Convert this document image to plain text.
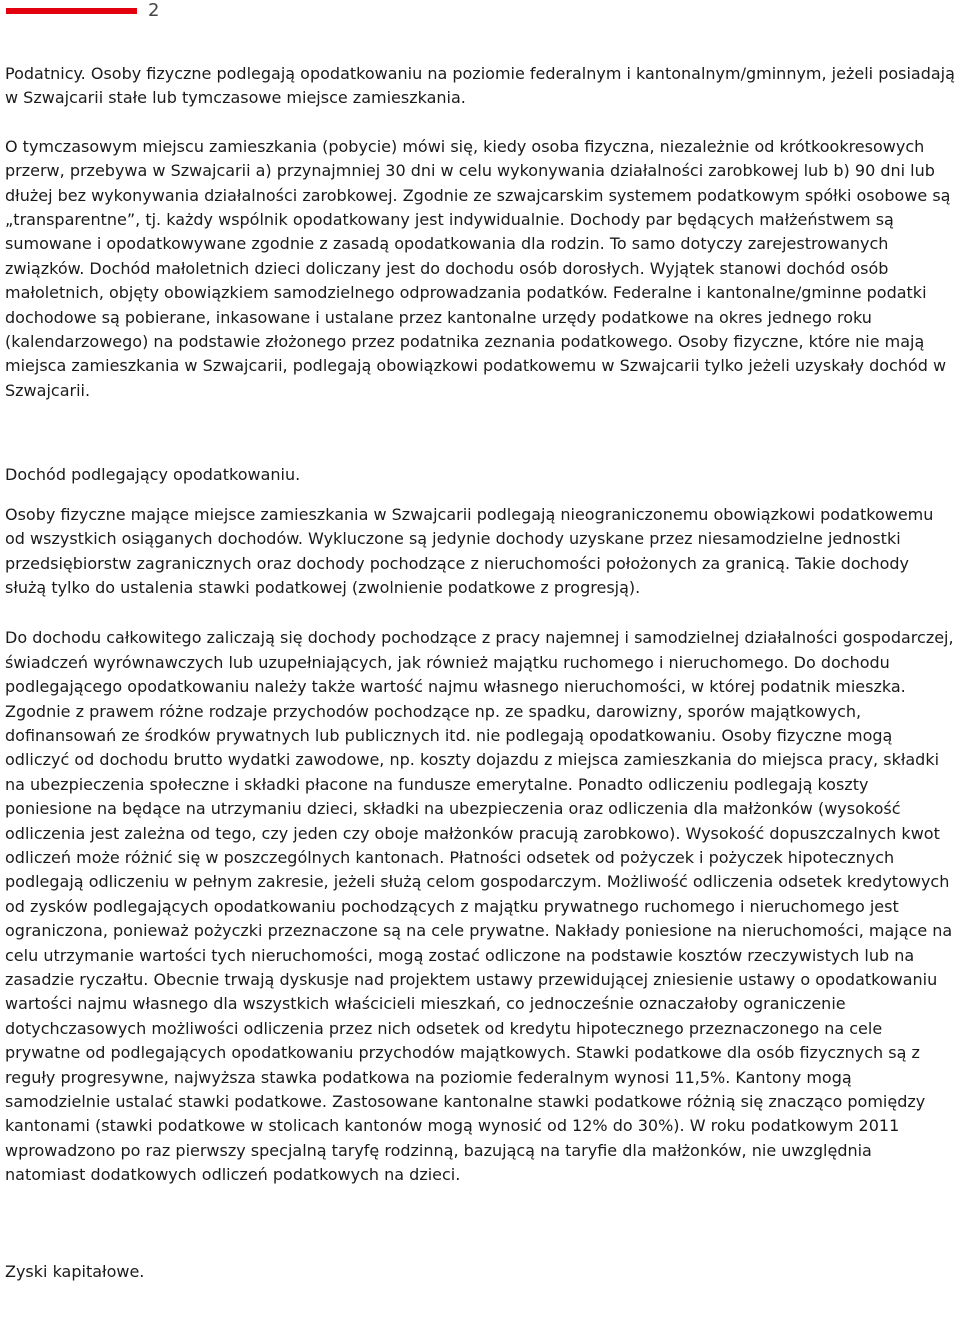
2

Podatnicy. Osoby fizyczne podlegają opodatkowaniu na poziomie federalnym i kantonalnym/gminnym, jeżeli posiadają w Szwajcarii stałe lub tymczasowe miejsce zamieszkania.

O tymczasowym miejscu zamieszkania (pobycie) mówi się, kiedy osoba fizyczna, niezależnie od krótkookresowych przerw, przebywa w Szwajcarii a) przynajmniej 30 dni w celu wykonywania działalności zarobkowej lub b) 90 dni lub dłużej bez wykonywania działalności zarobkowej. Zgodnie ze szwajcarskim systemem podatkowym spółki osobowe są „transparentne”, tj. każdy wspólnik opodatkowany jest indywidualnie. Dochody par będących małżeństwem są sumowane i opodatkowywane zgodnie z zasadą opodatkowania dla rodzin. To samo dotyczy zarejestrowanych związków. Dochód małoletnich dzieci doliczany jest do dochodu osób dorosłych. Wyjątek stanowi dochód osób małoletnich, objęty obowiązkiem samodzielnego odprowadzania podatków. Federalne i kantonalne/gminne podatki dochodowe są pobierane, inkasowane i ustalane przez kantonalne urzędy podatkowe na okres jednego roku (kalendarzowego) na podstawie złożonego przez podatnika zeznania podatkowego. Osoby fizyczne, które nie mają miejsca zamieszkania w Szwajcarii, podlegają obowiązkowi podatkowemu w Szwajcarii tylko jeżeli uzyskały dochód w Szwajcarii.

Dochód podlegający opodatkowaniu.

Osoby fizyczne mające miejsce zamieszkania w Szwajcarii podlegają nieograniczonemu obowiązkowi podatkowemu od wszystkich osiąganych dochodów. Wykluczone są jedynie dochody uzyskane przez niesamodzielne jednostki przedsiębiorstw zagranicznych oraz dochody pochodzące z nieruchomości położonych za granicą. Takie dochody służą tylko do ustalenia stawki podatkowej (zwolnienie podatkowe z progresją).

Do dochodu całkowitego zaliczają się dochody pochodzące z pracy najemnej i samodzielnej działalności gospodarczej, świadczeń wyrównawczych lub uzupełniających, jak również majątku ruchomego i nieruchomego. Do dochodu podlegającego opodatkowaniu należy także wartość najmu własnego nieruchomości, w której podatnik mieszka. Zgodnie z prawem różne rodzaje przychodów pochodzące np. ze spadku, darowizny, sporów majątkowych, dofinansowań ze środków prywatnych lub publicznych itd. nie podlegają opodatkowaniu. Osoby fizyczne mogą odliczyć od dochodu brutto wydatki zawodowe, np. koszty dojazdu z miejsca zamieszkania do miejsca pracy, składki na ubezpieczenia społeczne i składki płacone na fundusze emerytalne. Ponadto odliczeniu podlegają koszty poniesione na będące na utrzymaniu dzieci, składki na ubezpieczenia oraz odliczenia dla małżonków (wysokość odliczenia jest zależna od tego, czy jeden czy oboje małżonków pracują zarobkowo). Wysokość dopuszczalnych kwot odliczeń może różnić się w poszczególnych kantonach. Płatności odsetek od pożyczek i pożyczek hipotecznych podlegają odliczeniu w pełnym zakresie, jeżeli służą celom gospodarczym. Możliwość odliczenia odsetek kredytowych od zysków podlegających opodatkowaniu pochodzących z majątku prywatnego ruchomego i nieruchomego jest ograniczona, ponieważ pożyczki przeznaczone są na cele prywatne. Nakłady poniesione na nieruchomości, mające na celu utrzymanie wartości tych nieruchomości, mogą zostać odliczone na podstawie kosztów rzeczywistych lub na zasadzie ryczałtu. Obecnie trwają dyskusje nad projektem ustawy przewidującej zniesienie ustawy o opodatkowaniu wartości najmu własnego dla wszystkich właścicieli mieszkań, co jednocześnie oznaczałoby ograniczenie dotychczasowych możliwości odliczenia przez nich odsetek od kredytu hipotecznego przeznaczonego na cele prywatne od podlegających opodatkowaniu przychodów majątkowych. Stawki podatkowe dla osób fizycznych są z reguły progresywne, najwyższa stawka podatkowa na poziomie federalnym wynosi 11,5%. Kantony mogą samodzielnie ustalać stawki podatkowe. Zastosowane kantonalne stawki podatkowe różnią się znacząco pomiędzy kantonami (stawki podatkowe w stolicach kantonów mogą wynosić od 12% do 30%). W roku podatkowym 2011 wprowadzono po raz pierwszy specjalną taryfę rodzinną, bazującą na taryfie dla małżonków, nie uwzględnia natomiast dodatkowych odliczeń podatkowych na dzieci.

Zyski kapitałowe.
